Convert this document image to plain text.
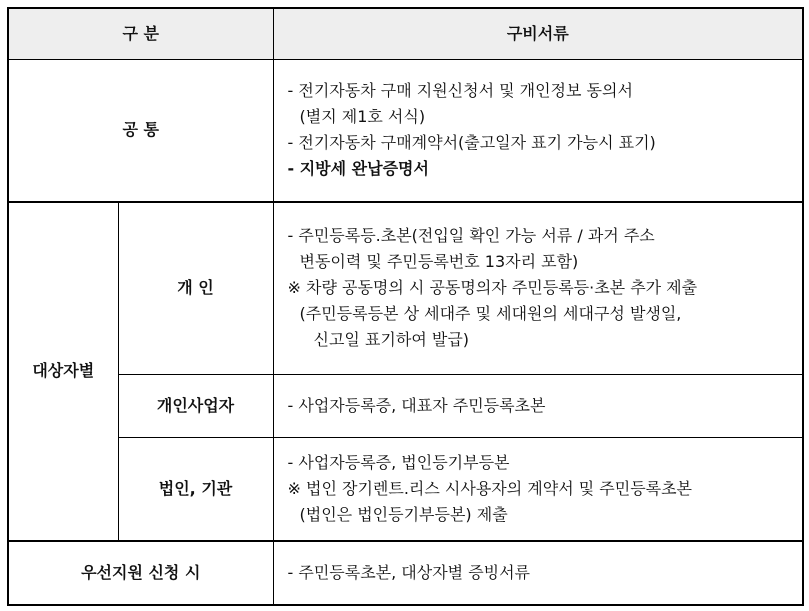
구 분		구비서류
공 통		- 전기자동차 구매 지원신청서 및 개인정보 동의서
(별지 제1호 서식)
- 전기자동차 구매계약서(출고일자 표기 가능시 표기)
- 지방세 완납증명서

대상자별	개 인	- 주민등록등.초본(전입일 확인 가능 서류 / 과거 주소
변동이력 및 주민등록번호 13자리 포함)
※ 차량 공동명의 시 공동명의자 주민등록등·초본 추가 제출
(주민등록등본 상 세대주 및 세대원의 세대구성 발생일,
신고일 표기하여 발급)

	개인사업자	- 사업자등록증, 대표자 주민등록초본

	법인, 기관	- 사업자등록증, 법인등기부등본
※ 법인 장기렌트.리스 시사용자의 계약서 및 주민등록초본
(법인은 법인등기부등본) 제출

우선지원 신청 시		- 주민등록초본, 대상자별 증빙서류
